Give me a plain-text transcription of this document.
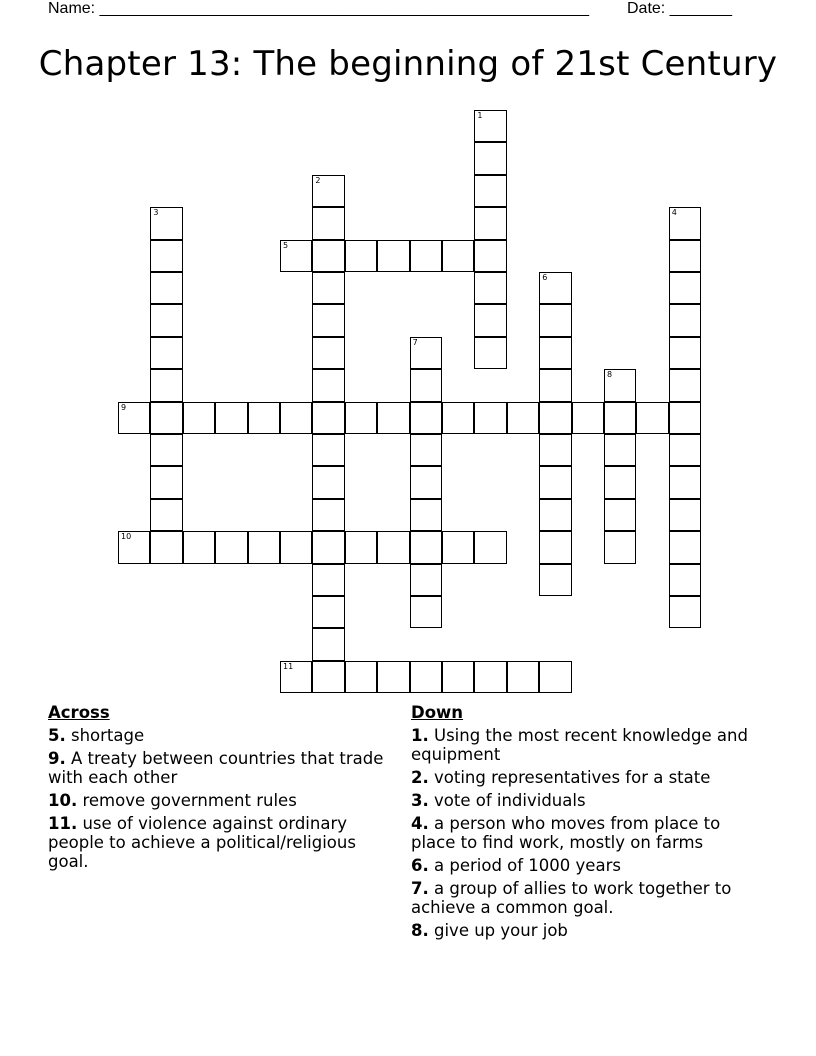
Name: _______________________________________________________ Date: _______
Chapter 13: The beginning of 21st Century
1
2
3	4
5
6
7
8
9
10
11
Across
5. shortage
9. A treaty between countries that trade with each other
10. remove government rules
11. use of violence against ordinary people to achieve a political/religious goal.
Down
1. Using the most recent knowledge and equipment
2. voting representatives for a state
3. vote of individuals
4. a person who moves from place to place to find work, mostly on farms
6. a period of 1000 years
7. a group of allies to work together to achieve a common goal.
8. give up your job
